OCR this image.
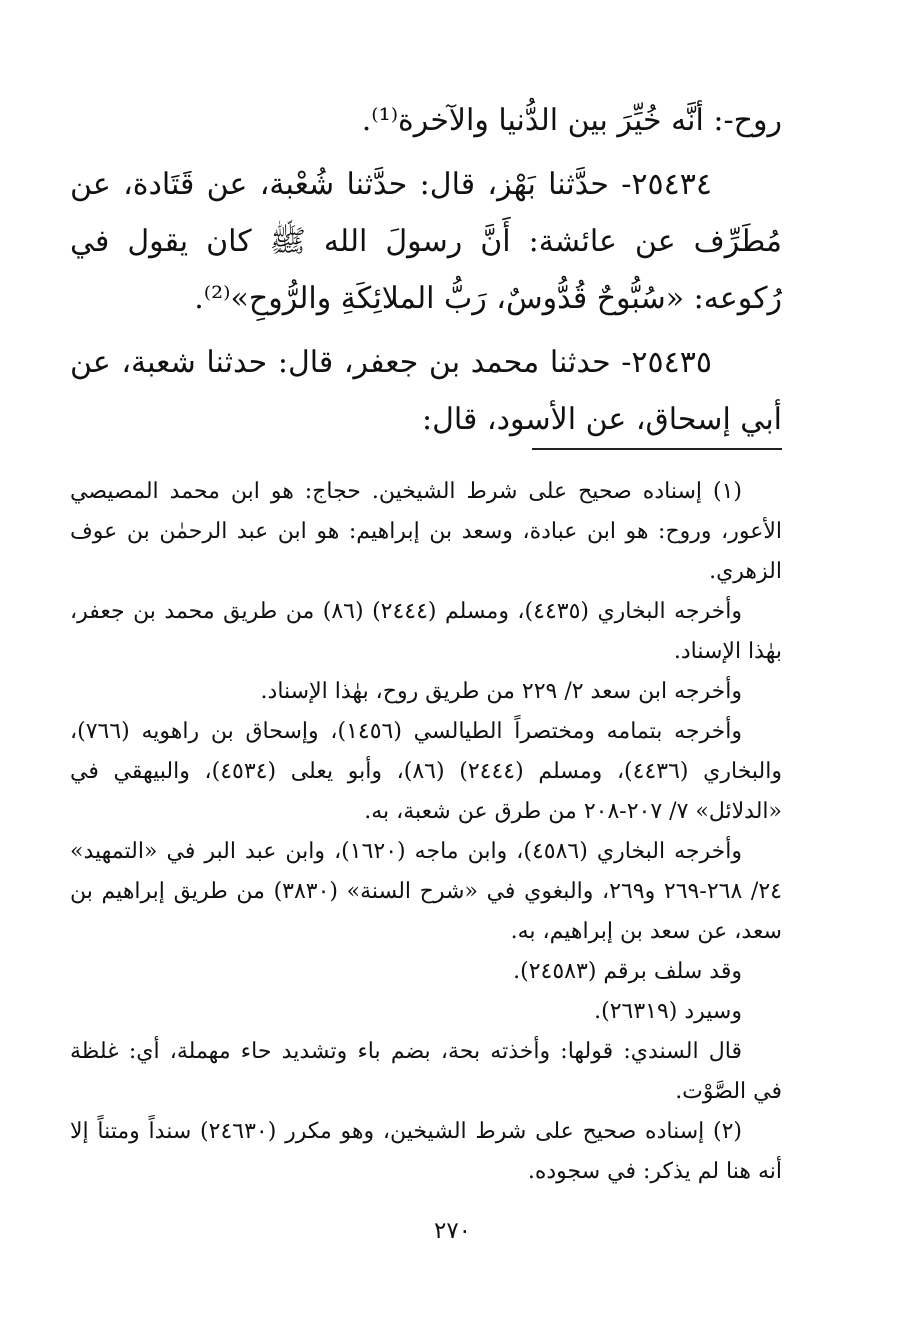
روح-: أنَّه خُيِّرَ بين الدُّنيا والآخرة⁽¹⁾.

٢٥٤٣٤- حدَّثنا بَهْز، قال: حدَّثنا شُعْبة، عن قَتَادة، عن مُطَرِّف عن عائشة: أَنَّ رسولَ الله ﷺ كان يقول في رُكوعه: «سُبُّوحٌ قُدُّوسٌ، رَبُّ الملائِكَةِ والرُّوحِ»⁽²⁾.

٢٥٤٣٥- حدثنا محمد بن جعفر، قال: حدثنا شعبة، عن أبي إسحاق، عن الأسود، قال:

(١) إسناده صحيح على شرط الشيخين. حجاج: هو ابن محمد المصيصي الأعور، وروح: هو ابن عبادة، وسعد بن إبراهيم: هو ابن عبد الرحمٰن بن عوف الزهري.

وأخرجه البخاري (٤٤٣٥)، ومسلم (٢٤٤٤) (٨٦) من طريق محمد بن جعفر، بهٰذا الإسناد.

وأخرجه ابن سعد ٢/ ٢٢٩ من طريق روح، بهٰذا الإسناد.

وأخرجه بتمامه ومختصراً الطيالسي (١٤٥٦)، وإسحاق بن راهويه (٧٦٦)، والبخاري (٤٤٣٦)، ومسلم (٢٤٤٤) (٨٦)، وأبو يعلى (٤٥٣٤)، والبيهقي في «الدلائل» ٧/ ٢٠٧-٢٠٨ من طرق عن شعبة، به.

وأخرجه البخاري (٤٥٨٦)، وابن ماجه (١٦٢٠)، وابن عبد البر في «التمهيد» ٢٤/ ٢٦٨-٢٦٩ و٢٦٩، والبغوي في «شرح السنة» (٣٨٣٠) من طريق إبراهيم بن سعد، عن سعد بن إبراهيم، به.

وقد سلف برقم (٢٤٥٨٣).

وسيرد (٢٦٣١٩).

قال السندي: قولها: وأخذته بحة، بضم باء وتشديد حاء مهملة، أي: غلظة في الصَّوْت.

(٢) إسناده صحيح على شرط الشيخين، وهو مكرر (٢٤٦٣٠) سنداً ومتناً إلا أنه هنا لم يذكر: في سجوده.

٢٧٠
